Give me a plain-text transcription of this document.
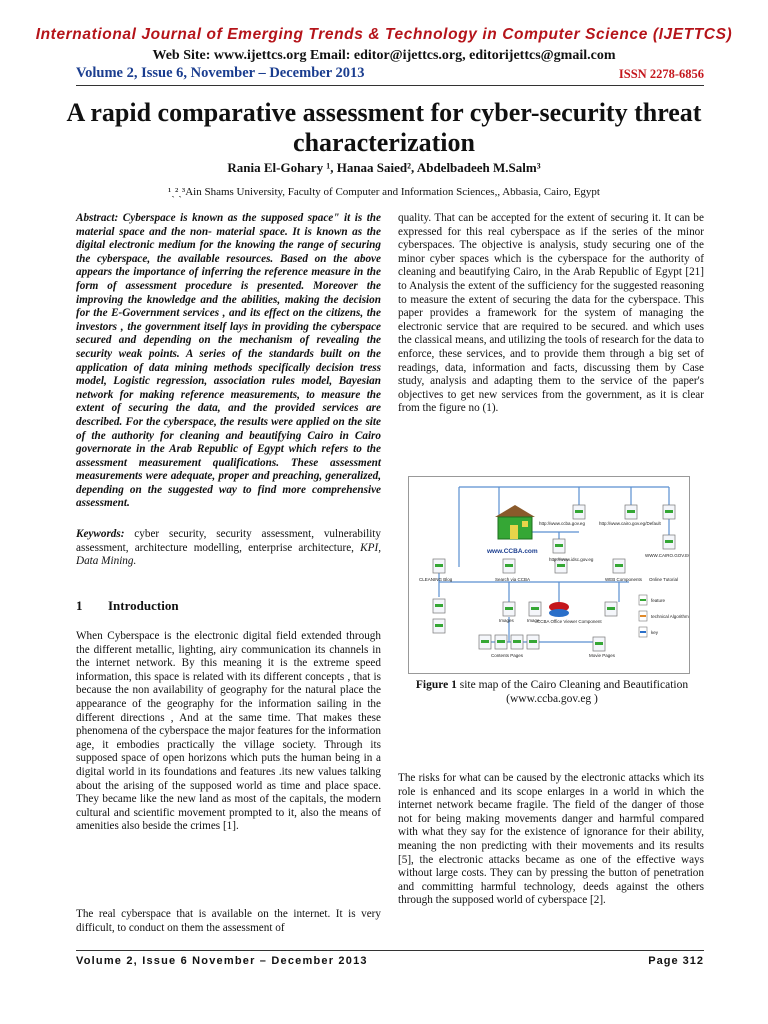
International Journal of Emerging Trends & Technology in Computer Science (IJETTCS)
Web Site: www.ijettcs.org Email: editor@ijettcs.org, editorijettcs@gmail.com
Volume 2, Issue 6, November – December 2013	ISSN 2278-6856
A rapid comparative assessment for cyber-security threat characterization
Rania El-Gohary ¹, Hanaa Saied², Abdelbadeeh M.Salm³
¹ˏ²ˏ³Ain Shams University, Faculty of Computer and Information Sciences,, Abbasia, Cairo, Egypt
Abstract: Cyberspace is known as the supposed space" it is the material space and the non- material space. It is known as the digital electronic medium for the knowing the range of securing the cyberspace, the available resources. Based on the above appears the importance of inferring the reference measure in the form of assessment procedure is presented. Moreover the improving the knowledge and the abilities, making the decision for the E-Government services , and its effect on the citizens, the investors , the government itself lays in providing the cyberspace secured and depending on the mechanism of revealing the security weak points. A series of the standards built on the application of data mining methods specifically decision tress model, Logistic regression, association rules model, Bayesian network for making reference measurements, to measure the extent of securing the data, and the provided services are described. For the cyberspace, the results were applied on the site of the authority for cleaning and beautifying Cairo in Cairo governorate in the Arab Republic of Egypt which refers to the assessment measurement qualifications. These assessment measurements were adequate, proper and preaching, generalized, depending on the suggested way to find more comprehensive assessment.
Keywords: cyber security, security assessment, vulnerability assessment, architecture modelling, enterprise architecture, KPI, Data Mining.
1 Introduction
When Cyberspace is the electronic digital field extended through the different metallic, lighting, airy communication its channels in the internet network. By this meaning it is the extreme speed information, this space is related with its different concepts , that is because the non availability of geography for the natural place the appearance of the geography for the information sailing in the different directions , And at the same time. That makes these phenomena of the cyberspace the major features for the information age, it embodies practically the village society. Through its supposed space of open horizons which puts the human being in a digital world in its foundations and features .its new values talking about the arising of the supposed world as time and place space. They became like the new land as most of the capitals, the modern cultural and scientific movement prompted to it, also the means of amenities also beside the crimes [1].
The real cyberspace that is available on the internet. It is very difficult, to conduct on them the assessment of
quality. That can be accepted for the extent of securing it. It can be expressed for this real cyberspace as if the series of the minor cyberspaces. The objective is analysis, study securing one of the minor cyber spaces which is the cyberspace for the authority of cleaning and beautifying Cairo, in the Arab Republic of Egypt [21] to Analysis the extent of the sufficiency for the suggested reasoning to measure the extent of securing the data for the cyberspace. This paper provides a framework for the system of managing the electronic service that are required to be secured. and which uses the classical means, and utilizing the tools of research for the data to enforce, these services, and to provide them through a big set of readings, data, information and facts, discussing them by Case study, analysis and adapting them to the service of the paper's objectives to get new services from the government, as it is clear from the figure no (1).
www.CCBA.com
http://www.ccba.gov.eg	http://www.cairo.gov.eg/Default
http://www.idsc.gov.eg
WWW.CAIRO.GOV.EG
CLEANING Blog	Search via CCBA	WEB Components Online Tutorial
CCBA Office Viewer Component
Images	Image
Contents Pages	Movie Pages
feature
technical Algorithms
key
Figure 1 site map of the Cairo Cleaning and Beautification (www.ccba.gov.eg )
The risks for what can be caused by the electronic attacks which its role is enhanced and its scope enlarges in a world in which the internet network became fragile. The field of the danger of those not for being making movements danger and harmful compared with what they say for the existence of ignorance for their ability, meaning the non predicting with their movements and its results [5], the electronic attacks became as one of the effective ways without large costs. They can by pressing the button of penetration and committing harmful technology, deeds against the others through the supposed world of cyberspace [2].
Volume 2, Issue 6 November – December 2013	Page 312
